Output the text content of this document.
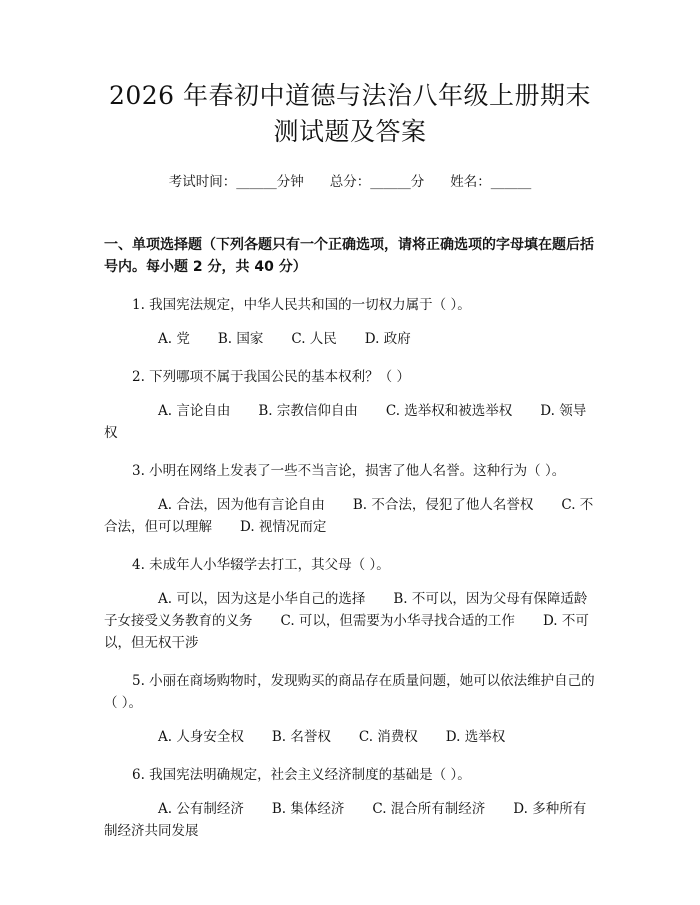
2026 年春初中道德与法治八年级上册期末测试题及答案
考试时间：______分钟 总分：______分 姓名：______
一、单项选择题（下列各题只有一个正确选项，请将正确选项的字母填在题后括号内。每小题 2 分，共 40 分）
1. 我国宪法规定，中华人民共和国的一切权力属于（ ）。
A. 党 B. 国家 C. 人民 D. 政府
2. 下列哪项不属于我国公民的基本权利？（ ）
A. 言论自由 B. 宗教信仰自由 C. 选举权和被选举权 D. 领导权
3. 小明在网络上发表了一些不当言论，损害了他人名誉。这种行为（ ）。
A. 合法，因为他有言论自由 B. 不合法，侵犯了他人名誉权 C. 不合法，但可以理解 D. 视情况而定
4. 未成年人小华辍学去打工，其父母（ ）。
A. 可以，因为这是小华自己的选择 B. 不可以，因为父母有保障适龄子女接受义务教育的义务 C. 可以，但需要为小华寻找合适的工作 D. 不可以，但无权干涉
5. 小丽在商场购物时，发现购买的商品存在质量问题，她可以依法维护自己的（ ）。
A. 人身安全权 B. 名誉权 C. 消费权 D. 选举权
6. 我国宪法明确规定，社会主义经济制度的基础是（ ）。
A. 公有制经济 B. 集体经济 C. 混合所有制经济 D. 多种所有制经济共同发展
